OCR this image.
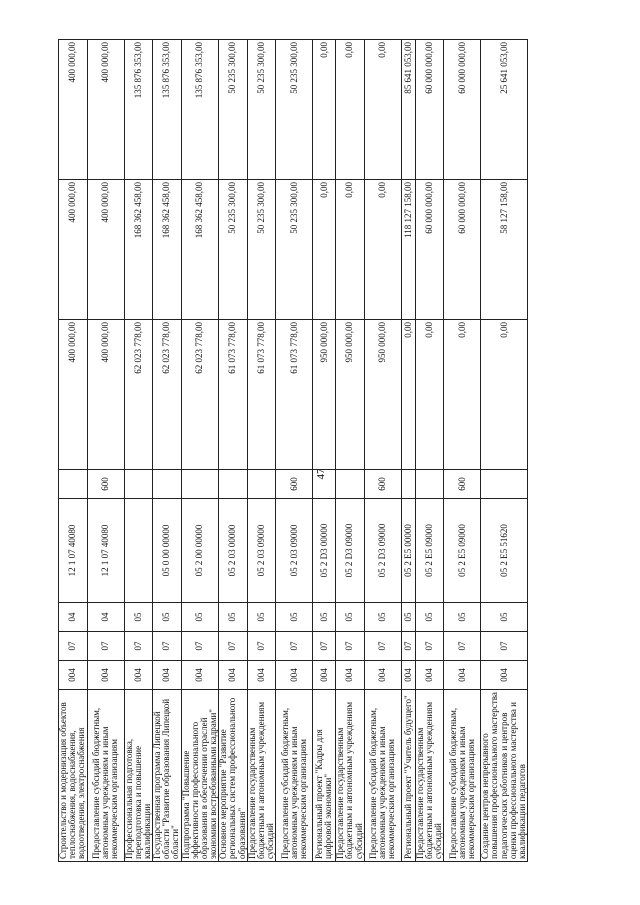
47
Строительство и модернизация объектов теплоснабжения, водоснабжения, водоотведения, электроснабжения	004	07	04	12 1 07 40080		400 000,00	400 000,00	400 000,00
Предоставление субсидий бюджетным, автономным учреждениям и иным некоммерческим организациям	004	07	04	12 1 07 40080	600	400 000,00	400 000,00	400 000,00
Профессиональная подготовка, переподготовка и повышение квалификации	004	07	05			62 023 778,00	168 362 458,00	135 876 353,00
Государственная программа Липецкой области "Развитие образования Липецкой области"	004	07	05	05 0 00 00000		62 023 778,00	168 362 458,00	135 876 353,00
Подпрограмма "Повышение эффективности профессионального образования в обеспечении отраслей экономики востребованными кадрами"	004	07	05	05 2 00 00000		62 023 778,00	168 362 458,00	135 876 353,00
Основное мероприятие "Развитие региональных систем профессионального образования"	004	07	05	05 2 03 00000		61 073 778,00	50 235 300,00	50 235 300,00
Предоставление государственным бюджетным и автономным учреждениям субсидий	004	07	05	05 2 03 09000		61 073 778,00	50 235 300,00	50 235 300,00
Предоставление субсидий бюджетным, автономным учреждениям и иным некоммерческим организациям	004	07	05	05 2 03 09000	600	61 073 778,00	50 235 300,00	50 235 300,00
Региональный проект "Кадры для цифровой экономики"	004	07	05	05 2 D3 00000		950 000,00	0,00	0,00
Предоставление государственным бюджетным и автономным учреждениям субсидий	004	07	05	05 2 D3 09000		950 000,00	0,00	0,00
Предоставление субсидий бюджетным, автономным учреждениям и иным некоммерческим организациям	004	07	05	05 2 D3 09000	600	950 000,00	0,00	0,00
Региональный проект "Учитель будущего"	004	07	05	05 2 E5 00000		0,00	118 127 158,00	85 641 053,00
Предоставление государственным бюджетным и автономным учреждениям субсидий	004	07	05	05 2 E5 09000		0,00	60 000 000,00	60 000 000,00
Предоставление субсидий бюджетным, автономным учреждениям и иным некоммерческим организациям	004	07	05	05 2 E5 09000	600	0,00	60 000 000,00	60 000 000,00
Создание центров непрерывного повышения профессионального мастерства педагогических работников и центров оценки профессионального мастерства и квалификации педагогов	004	07	05	05 2 E5 51620		0,00	58 127 158,00	25 641 053,00
